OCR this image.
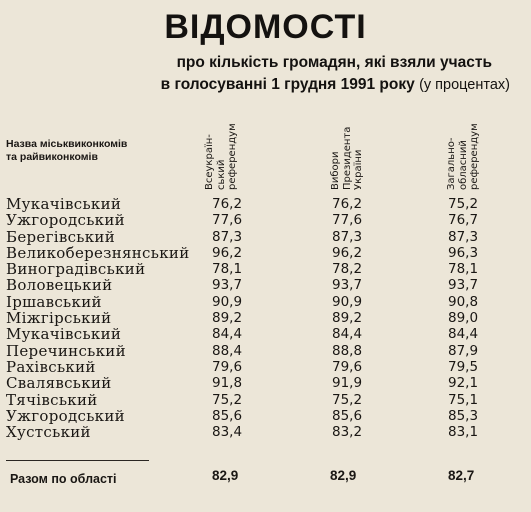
ВІДОМОСТІ
про кількість громадян, які взяли участь
в голосуванні 1 грудня 1991 року (у процентах)
Назва міськвиконкомів
та райвиконкомів	Всеукраїн-
ський
референдум	Вибори
Президента
України	Загально-
обласний
референдум
Мукачівський	76,2	76,2	75,2
Ужгородський	77,6	77,6	76,7
Берегівський	87,3	87,3	87,3
Великоберезнянський 96,2	96,2	96,3
Виноградівський	78,1	78,2	78,1
Воловецький	93,7	93,7	93,7
Іршавський	90,9	90,9	90,8
Міжгірський	89,2	89,2	89,0
Мукачівський	84,4	84,4	84,4
Перечинський	88,4	88,8	87,9
Рахівський	79,6	79,6	79,5
Свалявський	91,8	91,9	92,1
Тячівський	75,2	75,2	75,1
Ужгородський	85,6	85,6	85,3
Хустський	83,4	83,2	83,1
Разом по області	82,9	82,9	82,7
